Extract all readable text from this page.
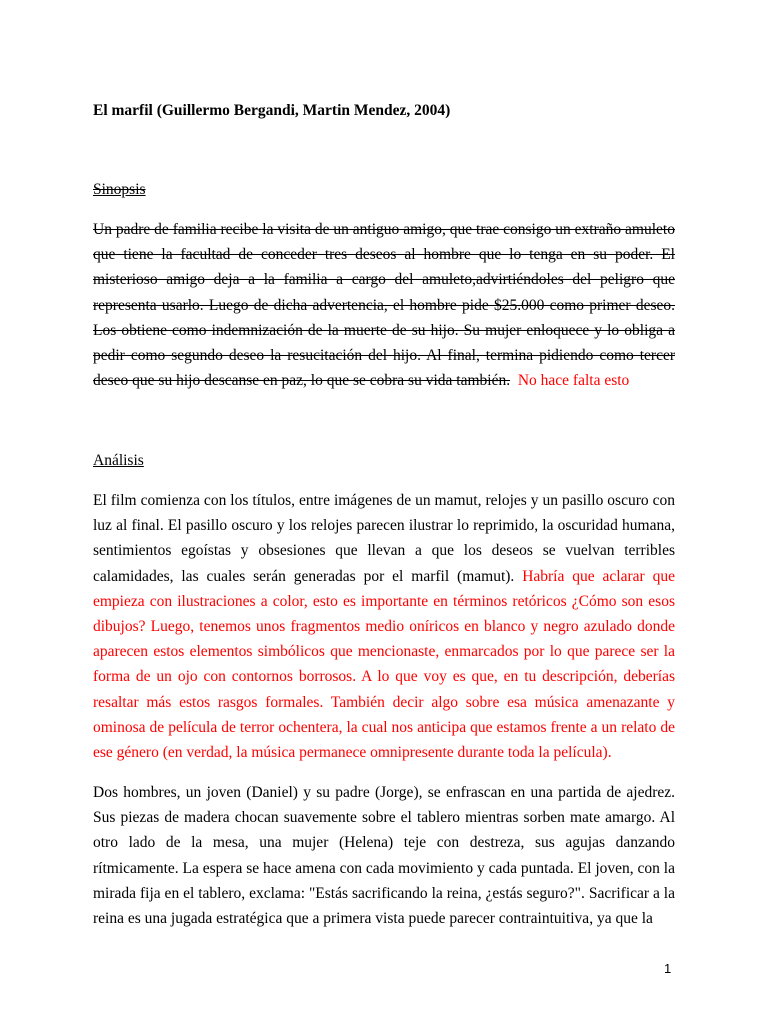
El marfil (Guillermo Bergandi, Martin Mendez, 2004)
Sinopsis

Un padre de familia recibe la visita de un antiguo amigo, que trae consigo un extraño amuleto que tiene la facultad de conceder tres deseos al hombre que lo tenga en su poder. El misterioso amigo deja a la familia a cargo del amuleto,advirtiéndoles del peligro que representa usarlo. Luego de dicha advertencia, el hombre pide $25.000 como primer deseo. Los obtiene como indemnización de la muerte de su hijo. Su mujer enloquece y lo obliga a pedir como segundo deseo la resucitación del hijo. Al final, termina pidiendo como tercer deseo que su hijo descanse en paz, lo que se cobra su vida también. No hace falta esto

Análisis

El film comienza con los títulos, entre imágenes de un mamut, relojes y un pasillo oscuro con luz al final. El pasillo oscuro y los relojes parecen ilustrar lo reprimido, la oscuridad humana, sentimientos egoístas y obsesiones que llevan a que los deseos se vuelvan terribles calamidades, las cuales serán generadas por el marfil (mamut). Habría que aclarar que empieza con ilustraciones a color, esto es importante en términos retóricos ¿Cómo son esos dibujos? Luego, tenemos unos fragmentos medio oníricos en blanco y negro azulado donde aparecen estos elementos simbólicos que mencionaste, enmarcados por lo que parece ser la forma de un ojo con contornos borrosos. A lo que voy es que, en tu descripción, deberías resaltar más estos rasgos formales. También decir algo sobre esa música amenazante y ominosa de película de terror ochentera, la cual nos anticipa que estamos frente a un relato de ese género (en verdad, la música permanece omnipresente durante toda la película).

Dos hombres, un joven (Daniel) y su padre (Jorge), se enfrascan en una partida de ajedrez. Sus piezas de madera chocan suavemente sobre el tablero mientras sorben mate amargo. Al otro lado de la mesa, una mujer (Helena) teje con destreza, sus agujas danzando rítmicamente. La espera se hace amena con cada movimiento y cada puntada. El joven, con la mirada fija en el tablero, exclama: "Estás sacrificando la reina, ¿estás seguro?". Sacrificar a la reina es una jugada estratégica que a primera vista puede parecer contraintuitiva, ya que la

1
